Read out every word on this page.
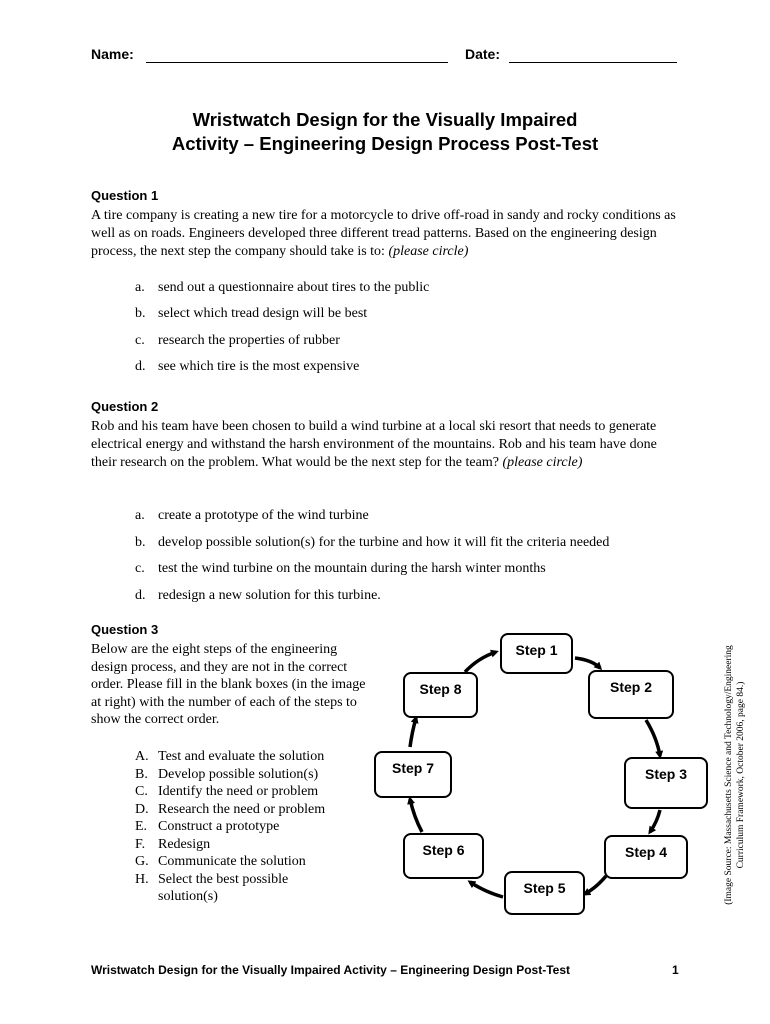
Name:	Date:
Wristwatch Design for the Visually Impaired
Activity – Engineering Design Process Post-Test
Question 1
A tire company is creating a new tire for a motorcycle to drive off-road in sandy and rocky conditions as well as on roads. Engineers developed three different tread patterns. Based on the engineering design process, the next step the company should take is to: (please circle)
a. send out a questionnaire about tires to the public
b. select which tread design will be best
c. research the properties of rubber
d. see which tire is the most expensive
Question 2
Rob and his team have been chosen to build a wind turbine at a local ski resort that needs to generate electrical energy and withstand the harsh environment of the mountains. Rob and his team have done their research on the problem. What would be the next step for the team? (please circle)
a. create a prototype of the wind turbine
b. develop possible solution(s) for the turbine and how it will fit the criteria needed
c. test the wind turbine on the mountain during the harsh winter months
d. redesign a new solution for this turbine.
Question 3
Below are the eight steps of the engineering design process, and they are not in the correct order. Please fill in the blank boxes (in the image at right) with the number of each of the steps to show the correct order.
A. Test and evaluate the solution
B. Develop possible solution(s)
C. Identify the need or problem
D. Research the need or problem
E. Construct a prototype
F. Redesign
G. Communicate the solution
H. Select the best possible solution(s)
Step 1
Step 2
Step 3
Step 4
Step 5
Step 6
Step 7
Step 8	(Image Source: Massachusetts Science and Technology/Engineering Curriculum Framework, October 2006, page 84.)
Wristwatch Design for the Visually Impaired Activity – Engineering Design Post-Test	1
